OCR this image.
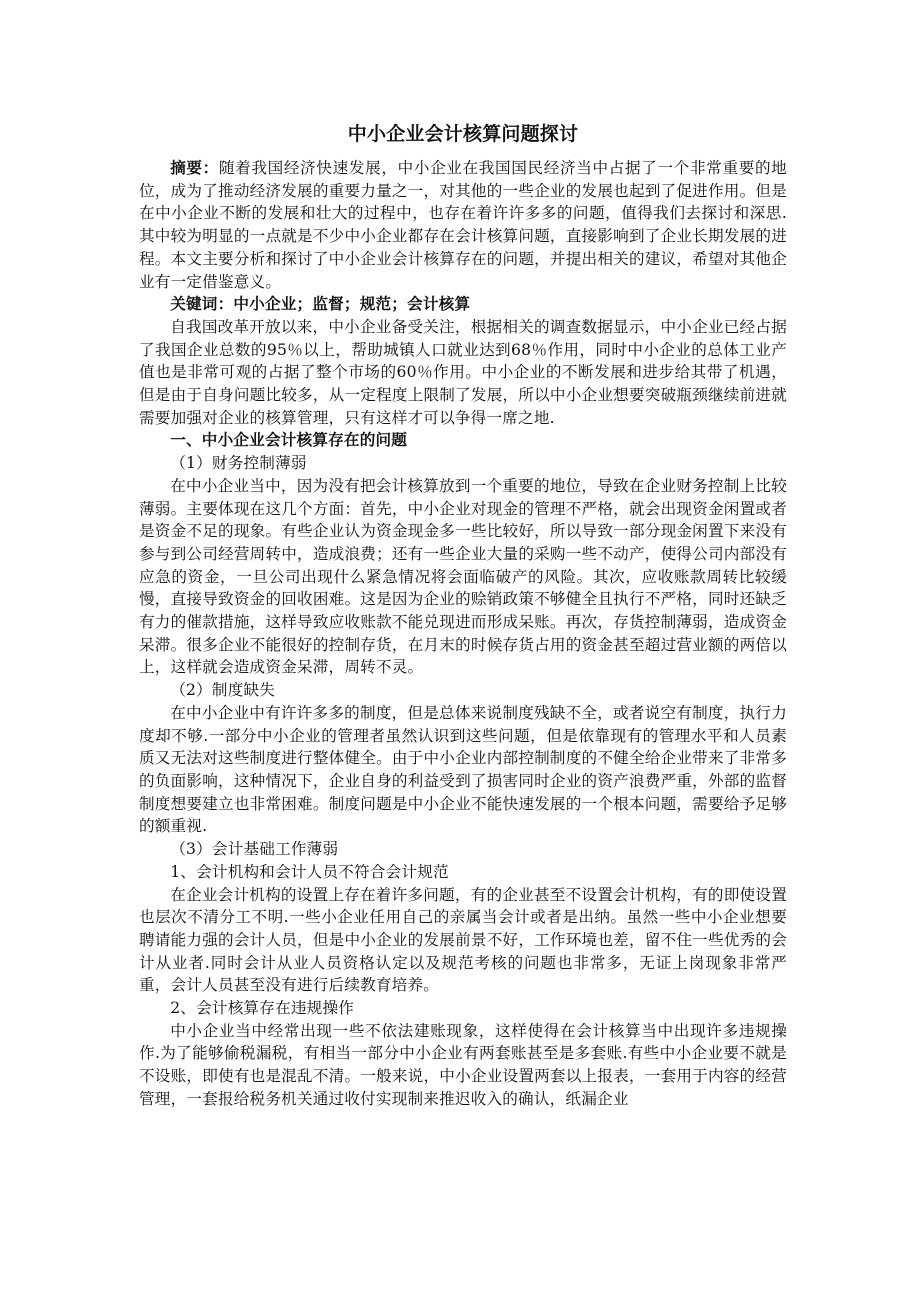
中小企业会计核算问题探讨

摘要：随着我国经济快速发展，中小企业在我国国民经济当中占据了一个非常重要的地位，成为了推动经济发展的重要力量之一，对其他的一些企业的发展也起到了促进作用。但是在中小企业不断的发展和壮大的过程中，也存在着许许多多的问题，值得我们去探讨和深思.其中较为明显的一点就是不少中小企业都存在会计核算问题，直接影响到了企业长期发展的进程。本文主要分析和探讨了中小企业会计核算存在的问题，并提出相关的建议，希望对其他企业有一定借鉴意义。

关键词：中小企业；监督；规范；会计核算

自我国改革开放以来，中小企业备受关注，根据相关的调查数据显示，中小企业已经占据了我国企业总数的95％以上，帮助城镇人口就业达到68％作用，同时中小企业的总体工业产值也是非常可观的占据了整个市场的60％作用。中小企业的不断发展和进步给其带了机遇，但是由于自身问题比较多，从一定程度上限制了发展，所以中小企业想要突破瓶颈继续前进就需要加强对企业的核算管理，只有这样才可以争得一席之地.

一、中小企业会计核算存在的问题

（1）财务控制薄弱

在中小企业当中，因为没有把会计核算放到一个重要的地位，导致在企业财务控制上比较薄弱。主要体现在这几个方面：首先，中小企业对现金的管理不严格，就会出现资金闲置或者是资金不足的现象。有些企业认为资金现金多一些比较好，所以导致一部分现金闲置下来没有参与到公司经营周转中，造成浪费；还有一些企业大量的采购一些不动产，使得公司内部没有应急的资金，一旦公司出现什么紧急情况将会面临破产的风险。其次，应收账款周转比较缓慢，直接导致资金的回收困难。这是因为企业的赊销政策不够健全且执行不严格，同时还缺乏有力的催款措施，这样导致应收账款不能兑现进而形成呆账。再次，存货控制薄弱，造成资金呆滞。很多企业不能很好的控制存货，在月末的时候存货占用的资金甚至超过营业额的两倍以上，这样就会造成资金呆滞，周转不灵。

（2）制度缺失

在中小企业中有许许多多的制度，但是总体来说制度残缺不全，或者说空有制度，执行力度却不够.一部分中小企业的管理者虽然认识到这些问题，但是依靠现有的管理水平和人员素质又无法对这些制度进行整体健全。由于中小企业内部控制制度的不健全给企业带来了非常多的负面影响，这种情况下，企业自身的利益受到了损害同时企业的资产浪费严重，外部的监督制度想要建立也非常困难。制度问题是中小企业不能快速发展的一个根本问题，需要给予足够的额重视.

（3）会计基础工作薄弱

1、会计机构和会计人员不符合会计规范

在企业会计机构的设置上存在着许多问题，有的企业甚至不设置会计机构，有的即使设置也层次不清分工不明.一些小企业任用自己的亲属当会计或者是出纳。虽然一些中小企业想要聘请能力强的会计人员，但是中小企业的发展前景不好，工作环境也差，留不住一些优秀的会计从业者.同时会计从业人员资格认定以及规范考核的问题也非常多，无证上岗现象非常严重，会计人员甚至没有进行后续教育培养。

2、会计核算存在违规操作

中小企业当中经常出现一些不依法建账现象，这样使得在会计核算当中出现许多违规操作.为了能够偷税漏税，有相当一部分中小企业有两套账甚至是多套账.有些中小企业要不就是不设账，即使有也是混乱不清。一般来说，中小企业设置两套以上报表，一套用于内容的经营管理，一套报给税务机关通过收付实现制来推迟收入的确认，纸漏企业
